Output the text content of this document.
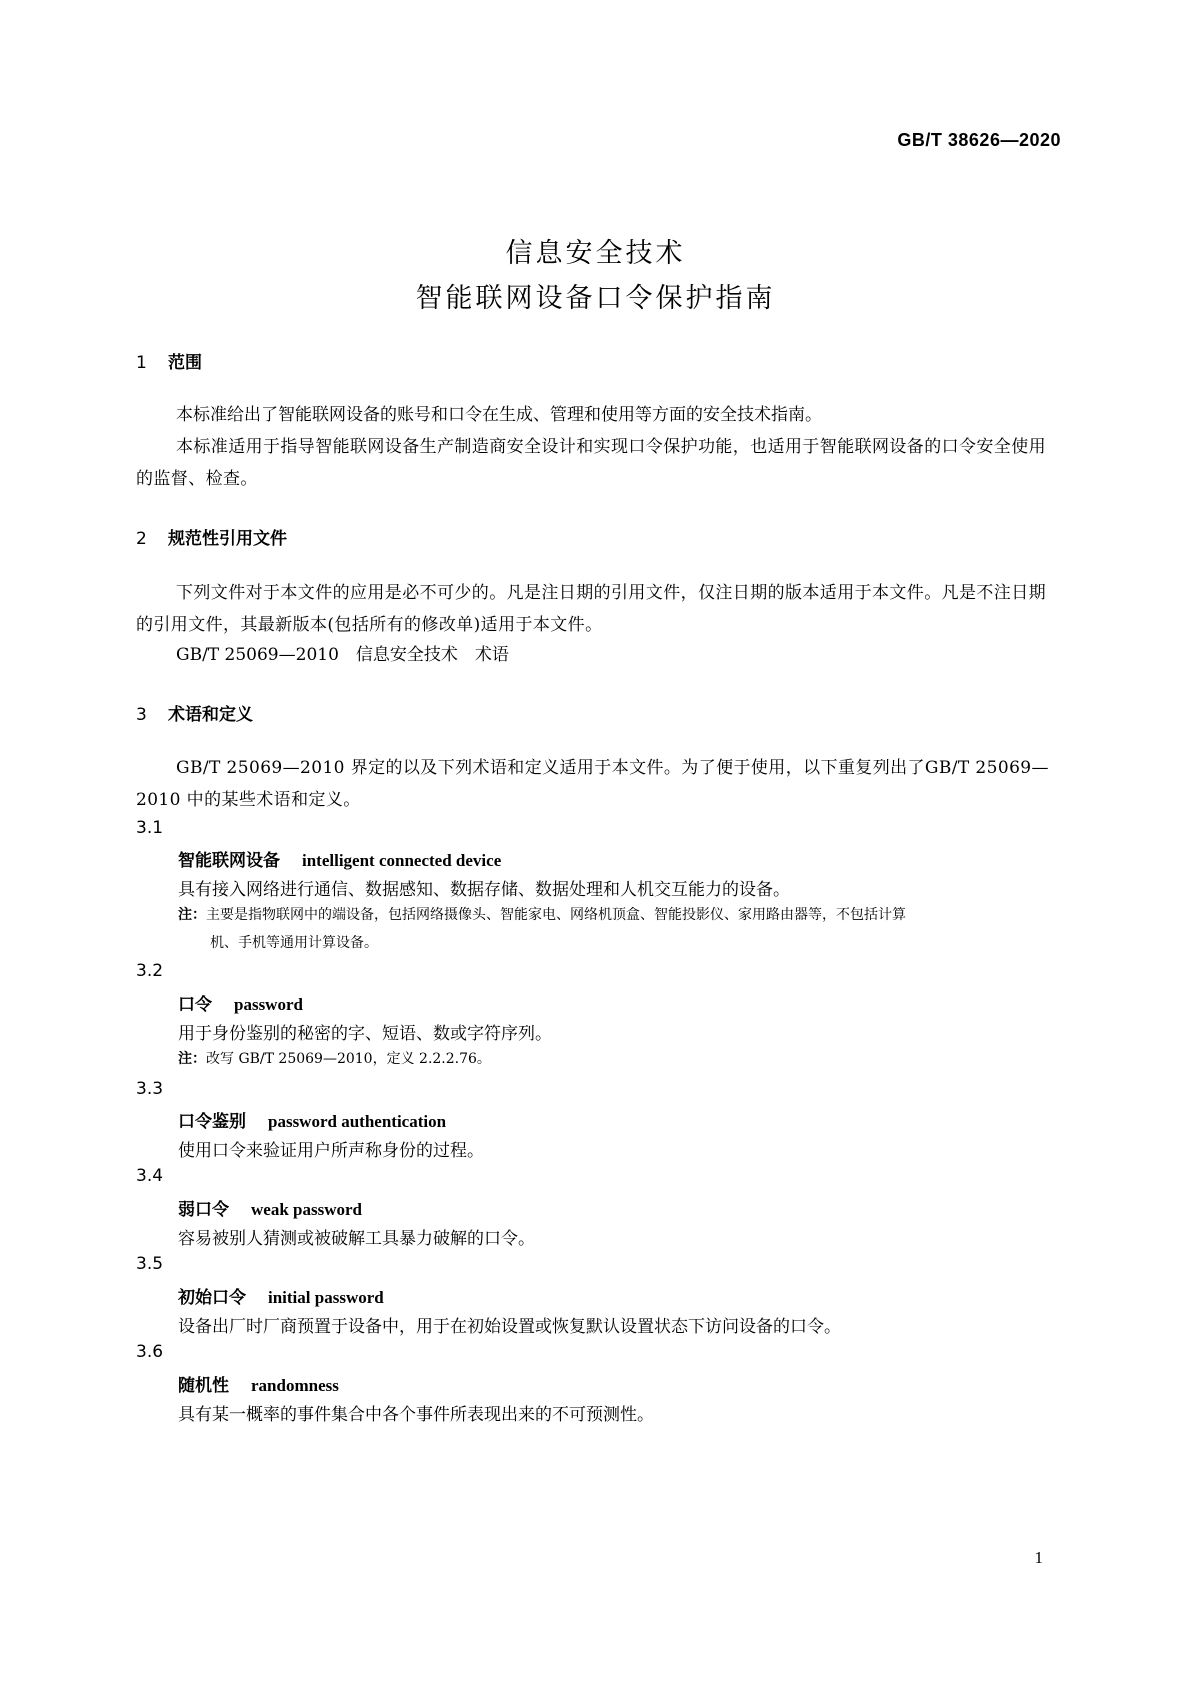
GB/T 38626—2020
信息安全技术
智能联网设备口令保护指南
1 范围
本标准给出了智能联网设备的账号和口令在生成、管理和使用等方面的安全技术指南。
本标准适用于指导智能联网设备生产制造商安全设计和实现口令保护功能，也适用于智能联网设备的口令安全使用的监督、检查。
2 规范性引用文件
下列文件对于本文件的应用是必不可少的。凡是注日期的引用文件，仅注日期的版本适用于本文件。凡是不注日期的引用文件，其最新版本(包括所有的修改单)适用于本文件。
GB/T 25069—2010　信息安全技术　术语
3 术语和定义
GB/T 25069—2010 界定的以及下列术语和定义适用于本文件。为了便于使用，以下重复列出了GB/T 25069—2010 中的某些术语和定义。
3.1
智能联网设备 intelligent connected device
具有接入网络进行通信、数据感知、数据存储、数据处理和人机交互能力的设备。
注：主要是指物联网中的端设备，包括网络摄像头、智能家电、网络机顶盒、智能投影仪、家用路由器等，不包括计算
机、手机等通用计算设备。
3.2
口令 password
用于身份鉴别的秘密的字、短语、数或字符序列。
注：改写 GB/T 25069—2010，定义 2.2.2.76。
3.3
口令鉴别 password authentication
使用口令来验证用户所声称身份的过程。
3.4
弱口令 weak password
容易被别人猜测或被破解工具暴力破解的口令。
3.5
初始口令 initial password
设备出厂时厂商预置于设备中，用于在初始设置或恢复默认设置状态下访问设备的口令。
3.6
随机性 randomness
具有某一概率的事件集合中各个事件所表现出来的不可预测性。
1
